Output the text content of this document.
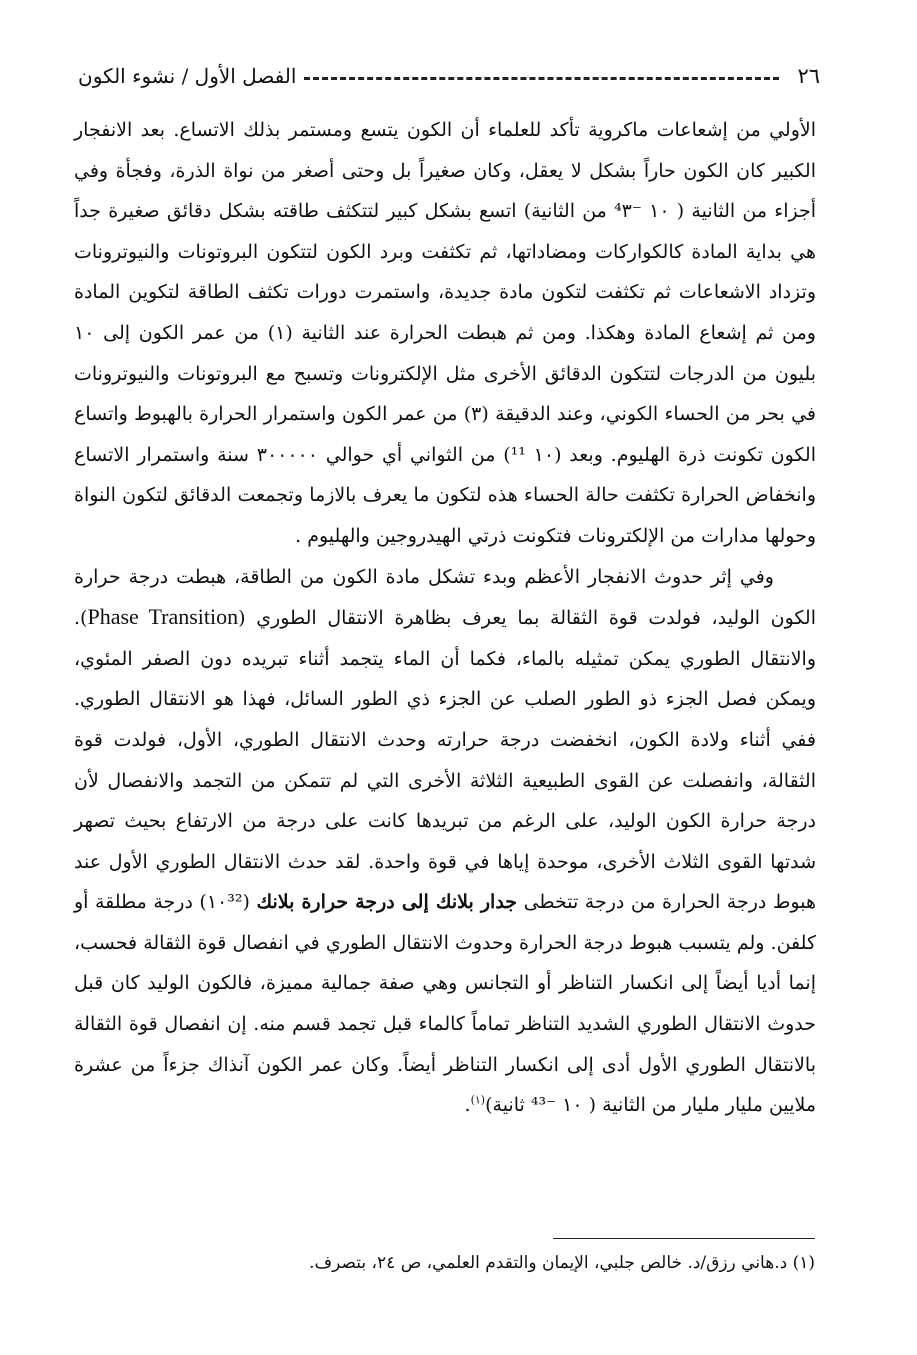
٢٦
الفصل الأول / نشوء الكون

الأولي من إشعاعات ماكروية تأكد للعلماء أن الكون يتسع ومستمر بذلك الاتساع. بعد الانفجار الكبير كان الكون حاراً بشكل لا يعقل، وكان صغيراً بل وحتى أصغر من نواة الذرة، وفجأة وفي أجزاء من الثانية ( ١٠ ⁻⁴٣ من الثانية) اتسع بشكل كبير لتتكثف طاقته بشكل دقائق صغيرة جداً هي بداية المادة كالكواركات ومضاداتها، ثم تكثفت وبرد الكون لتتكون البروتونات والنيوترونات وتزداد الاشعاعات ثم تكثفت لتكون مادة جديدة، واستمرت دورات تكثف الطاقة لتكوين المادة ومن ثم إشعاع المادة وهكذا. ومن ثم هبطت الحرارة عند الثانية (١) من عمر الكون إلى ١٠ بليون من الدرجات لتتكون الدقائق الأخرى مثل الإلكترونات وتسبح مع البروتونات والنيوترونات في بحر من الحساء الكوني، وعند الدقيقة (٣) من عمر الكون واستمرار الحرارة بالهبوط واتساع الكون تكونت ذرة الهليوم. وبعد (١٠ ¹¹) من الثواني أي حوالي ٣٠٠٠٠٠ سنة واستمرار الاتساع وانخفاض الحرارة تكثفت حالة الحساء هذه لتكون ما يعرف بالازما وتجمعت الدقائق لتكون النواة وحولها مدارات من الإلكترونات فتكونت ذرتي الهيدروجين والهليوم .

وفي إثر حدوث الانفجار الأعظم وبدء تشكل مادة الكون من الطاقة، هبطت درجة حرارة الكون الوليد، فولدت قوة الثقالة بما يعرف بظاهرة الانتقال الطوري (Phase Transition). والانتقال الطوري يمكن تمثيله بالماء، فكما أن الماء يتجمد أثناء تبريده دون الصفر المئوي، ويمكن فصل الجزء ذو الطور الصلب عن الجزء ذي الطور السائل، فهذا هو الانتقال الطوري. ففي أثناء ولادة الكون، انخفضت درجة حرارته وحدث الانتقال الطوري، الأول، فولدت قوة الثقالة، وانفصلت عن القوى الطبيعية الثلاثة الأخرى التي لم تتمكن من التجمد والانفصال لأن درجة حرارة الكون الوليد، على الرغم من تبريدها كانت على درجة من الارتفاع بحيث تصهر شدتها القوى الثلاث الأخرى، موحدة إياها في قوة واحدة. لقد حدث الانتقال الطوري الأول عند هبوط درجة الحرارة من درجة تتخطى جدار بلانك إلى درجة حرارة بلانك (١٠³²) درجة مطلقة أو كلفن. ولم يتسبب هبوط درجة الحرارة وحدوث الانتقال الطوري في انفصال قوة الثقالة فحسب، إنما أديا أيضاً إلى انكسار التناظر أو التجانس وهي صفة جمالية مميزة، فالكون الوليد كان قبل حدوث الانتقال الطوري الشديد التناظر تماماً كالماء قبل تجمد قسم منه. إن انفصال قوة الثقالة بالانتقال الطوري الأول أدى إلى انكسار التناظر أيضاً. وكان عمر الكون آنذاك جزءاً من عشرة ملايين مليار مليار من الثانية ( ١٠ ⁻⁴³ ثانية)$^{(١)}$.

(١) د.هاني رزق/د. خالص جلبي، الإيمان والتقدم العلمي، ص ٢٤، بتصرف.
